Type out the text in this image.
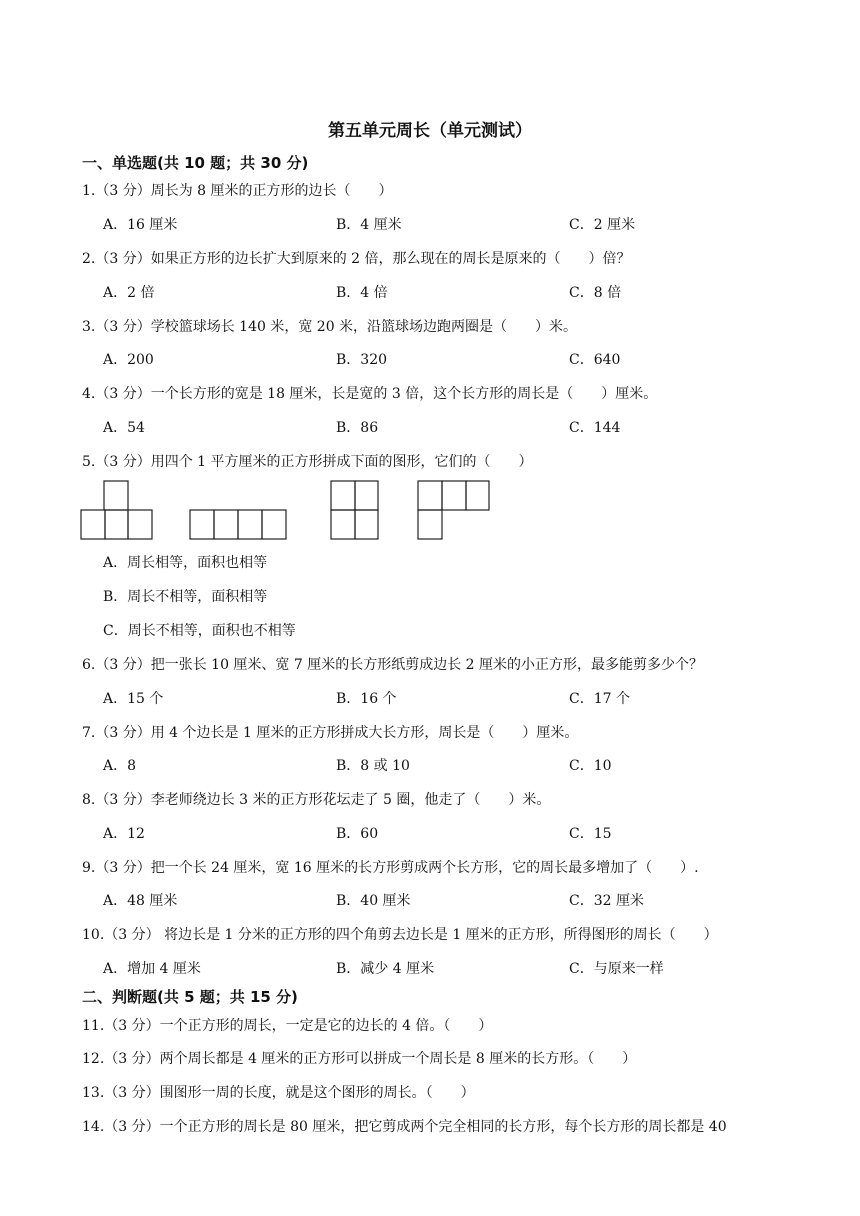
第五单元周长（单元测试）
一、单选题(共 10 题；共 30 分)
1.（3 分）周长为 8 厘米的正方形的边长（　　）
A．16 厘米	B．4 厘米	C．2 厘米
2.（3 分）如果正方形的边长扩大到原来的 2 倍，那么现在的周长是原来的（　　）倍？
A．2 倍	B．4 倍	C．8 倍
3.（3 分）学校篮球场长 140 米，宽 20 米，沿篮球场边跑两圈是（　　）米。
A．200	B．320	C．640
4.（3 分）一个长方形的宽是 18 厘米，长是宽的 3 倍，这个长方形的周长是（　　）厘米。
A．54	B．86	C．144
5.（3 分）用四个 1 平方厘米的正方形拼成下面的图形，它们的（　　）
A．周长相等，面积也相等
B．周长不相等，面积相等
C．周长不相等，面积也不相等
6.（3 分）把一张长 10 厘米、宽 7 厘米的长方形纸剪成边长 2 厘米的小正方形，最多能剪多少个？
A．15 个	B．16 个	C．17 个
7.（3 分）用 4 个边长是 1 厘米的正方形拼成大长方形，周长是（　　）厘米。
A．8	B．8 或 10	C．10
8.（3 分）李老师绕边长 3 米的正方形花坛走了 5 圈，他走了（　　）米。
A．12	B．60	C．15
9.（3 分）把一个长 24 厘米，宽 16 厘米的长方形剪成两个长方形，它的周长最多增加了（　　）.
A．48 厘米	B．40 厘米	C．32 厘米
10.（3 分） 将边长是 1 分米的正方形的四个角剪去边长是 1 厘米的正方形，所得图形的周长（　　）
A．增加 4 厘米	B．减少 4 厘米	C．与原来一样
二、判断题(共 5 题；共 15 分)
11.（3 分）一个正方形的周长，一定是它的边长的 4 倍。（　　）
12.（3 分）两个周长都是 4 厘米的正方形可以拼成一个周长是 8 厘米的长方形。（　　）
13.（3 分）围图形一周的长度，就是这个图形的周长。（　　）
14.（3 分）一个正方形的周长是 80 厘米，把它剪成两个完全相同的长方形，每个长方形的周长都是 40
